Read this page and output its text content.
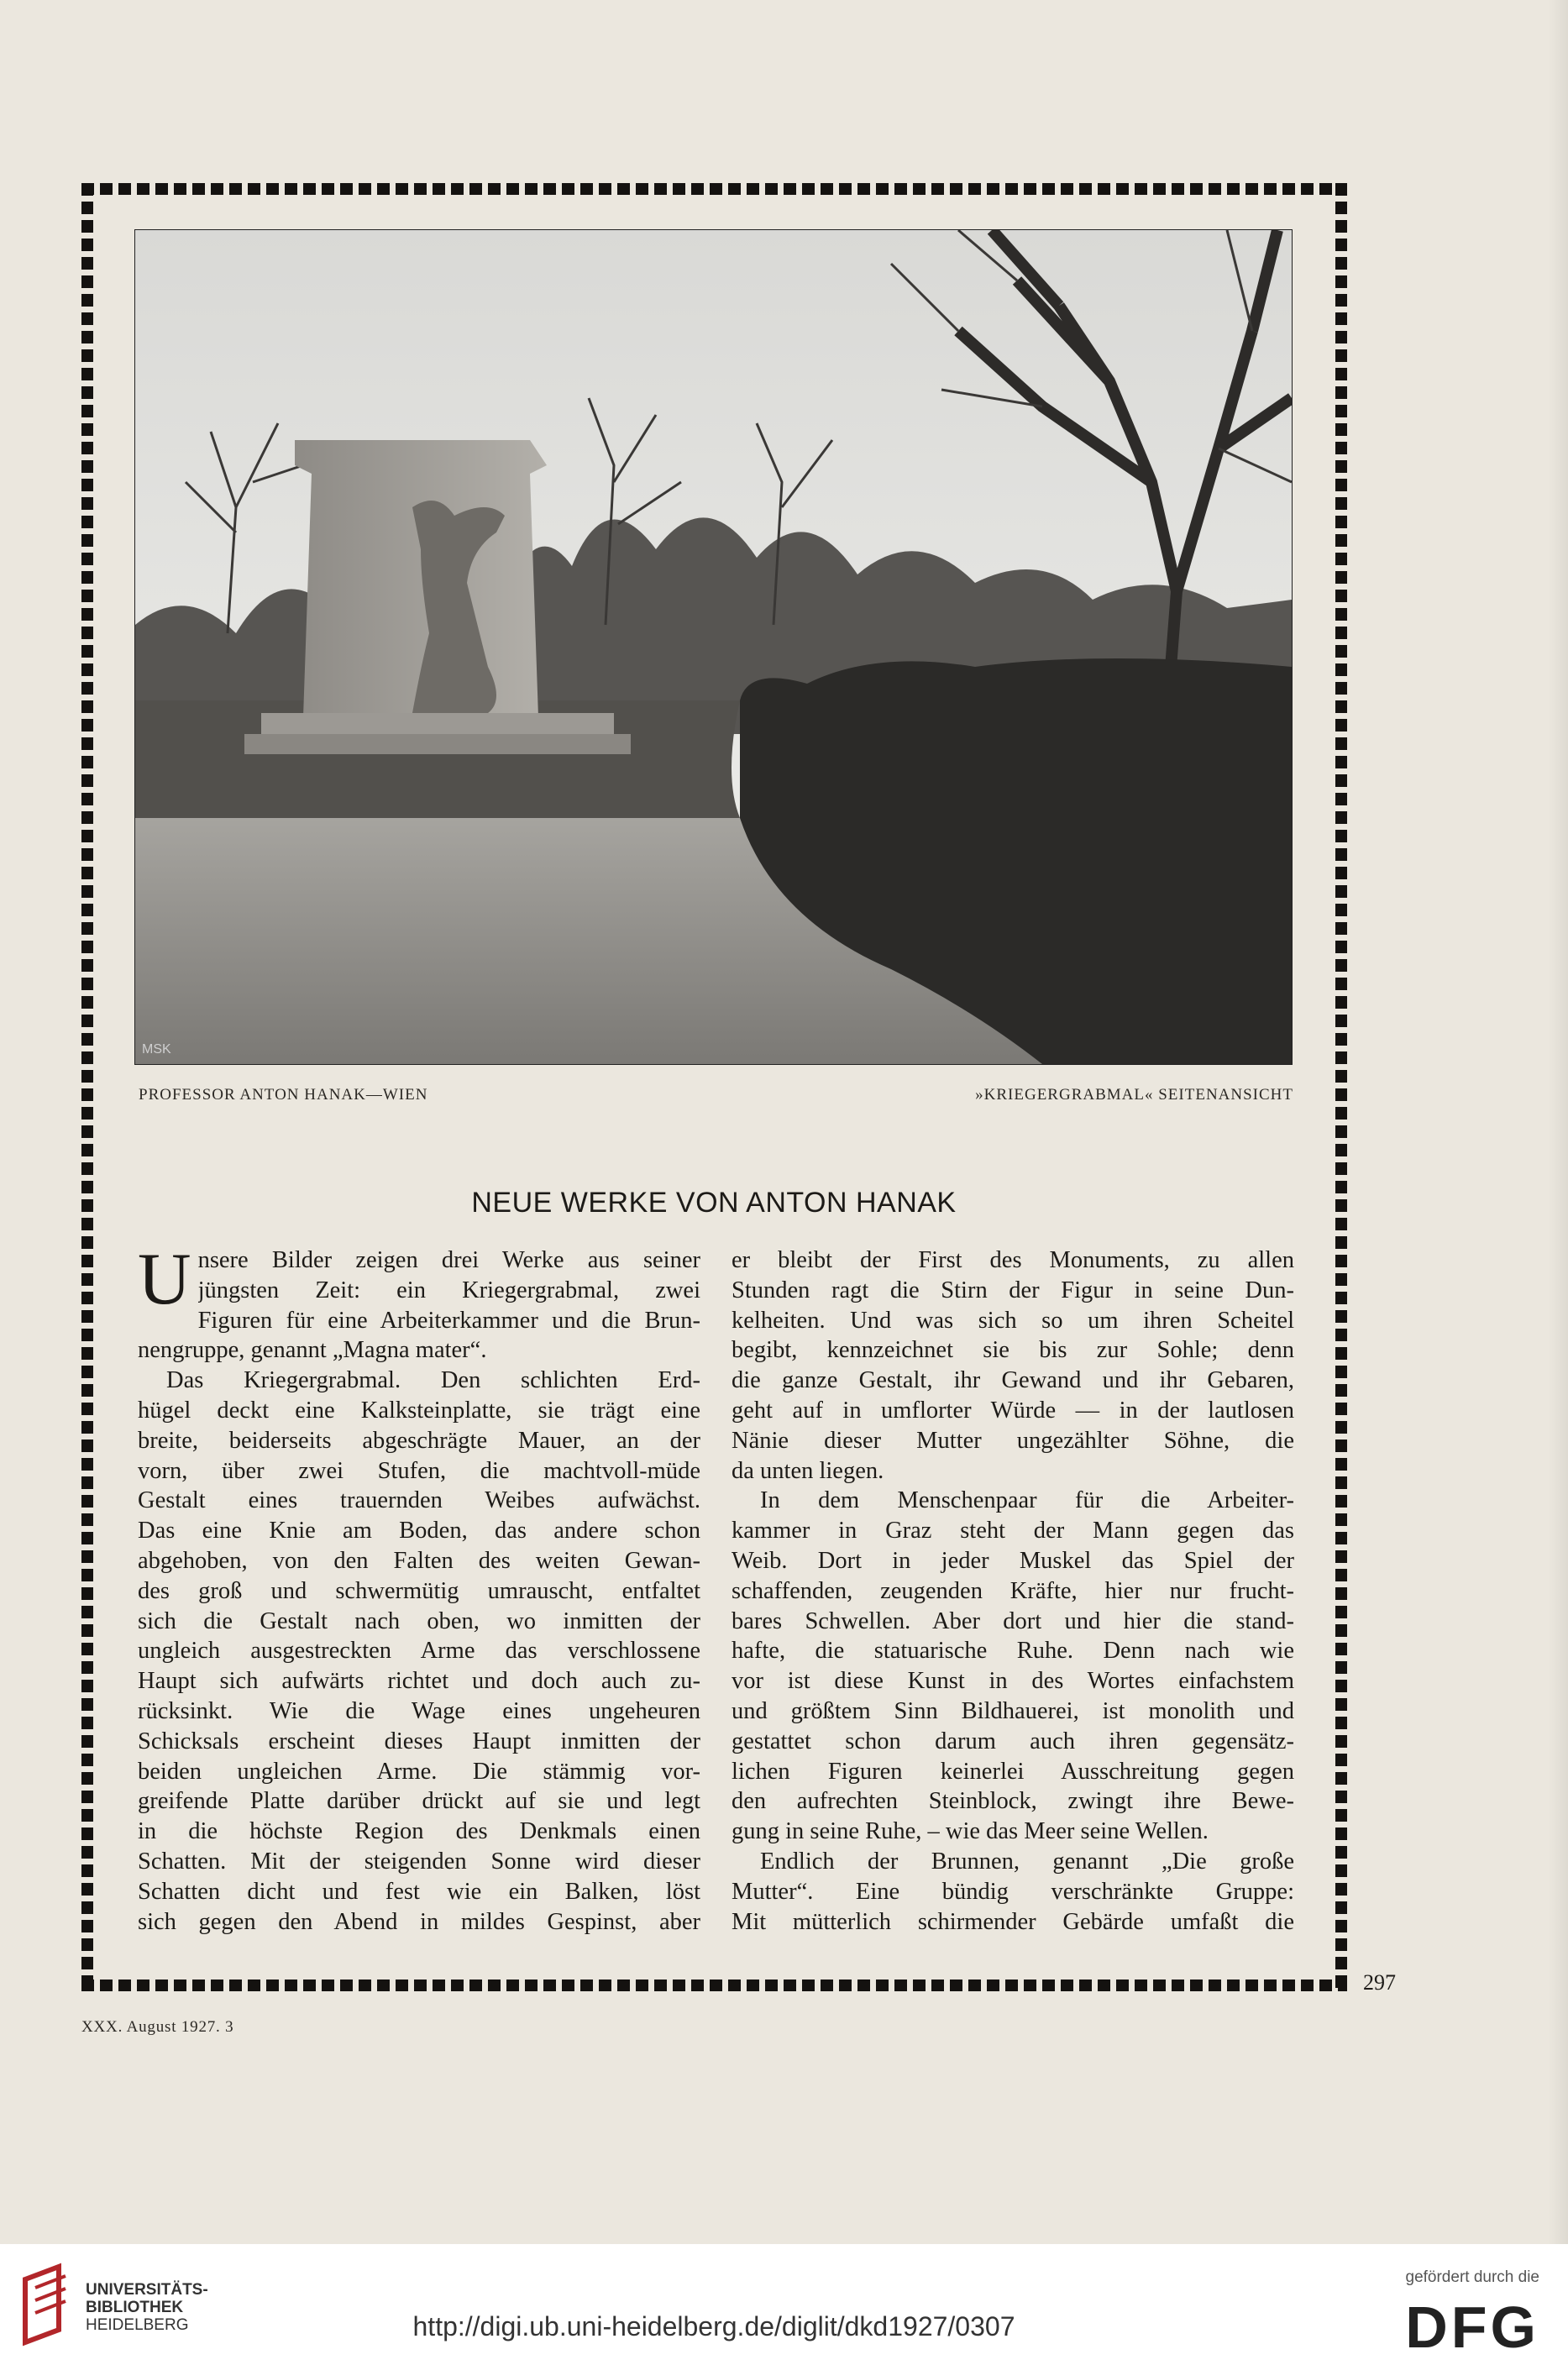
MSK
PROFESSOR ANTON HANAK—WIEN	»KRIEGERGRABMAL« SEITENANSICHT
NEUE WERKE VON ANTON HANAK
U nsere Bilder zeigen drei Werke aus seiner
jüngsten Zeit: ein Kriegergrabmal, zwei
Figuren für eine Arbeiterkammer und die Brun-
nengruppe, genannt „Magna mater“.
Das Kriegergrabmal. Den schlichten Erd-
hügel deckt eine Kalksteinplatte, sie trägt eine
breite, beiderseits abgeschrägte Mauer, an der
vorn, über zwei Stufen, die machtvoll-müde
Gestalt eines trauernden Weibes aufwächst.
Das eine Knie am Boden, das andere schon
abgehoben, von den Falten des weiten Gewan-
des groß und schwermütig umrauscht, entfaltet
sich die Gestalt nach oben, wo inmitten der
ungleich ausgestreckten Arme das verschlossene
Haupt sich aufwärts richtet und doch auch zu-
rücksinkt. Wie die Wage eines ungeheuren
Schicksals erscheint dieses Haupt inmitten der
beiden ungleichen Arme. Die stämmig vor-
greifende Platte darüber drückt auf sie und legt
in die höchste Region des Denkmals einen
Schatten. Mit der steigenden Sonne wird dieser
Schatten dicht und fest wie ein Balken, löst
sich gegen den Abend in mildes Gespinst, aber
er bleibt der First des Monuments, zu allen
Stunden ragt die Stirn der Figur in seine Dun-
kelheiten. Und was sich so um ihren Scheitel
begibt, kennzeichnet sie bis zur Sohle; denn
die ganze Gestalt, ihr Gewand und ihr Gebaren,
geht auf in umflorter Würde — in der lautlosen
Nänie dieser Mutter ungezählter Söhne, die
da unten liegen.
In dem Menschenpaar für die Arbeiter-
kammer in Graz steht der Mann gegen das
Weib. Dort in jeder Muskel das Spiel der
schaffenden, zeugenden Kräfte, hier nur frucht-
bares Schwellen. Aber dort und hier die stand-
hafte, die statuarische Ruhe. Denn nach wie
vor ist diese Kunst in des Wortes einfachstem
und größtem Sinn Bildhauerei, ist monolith und
gestattet schon darum auch ihren gegensätz-
lichen Figuren keinerlei Ausschreitung gegen
den aufrechten Steinblock, zwingt ihre Bewe-
gung in seine Ruhe, – wie das Meer seine Wellen.
Endlich der Brunnen, genannt „Die große
Mutter“. Eine bündig verschränkte Gruppe:
Mit mütterlich schirmender Gebärde umfaßt die
297
XXX. August 1927. 3
UNIVERSITÄTS-
BIBLIOTHEK
HEIDELBERG	http://digi.ub.uni-heidelberg.de/diglit/dkd1927/0307
gefördert durch die
DFG
